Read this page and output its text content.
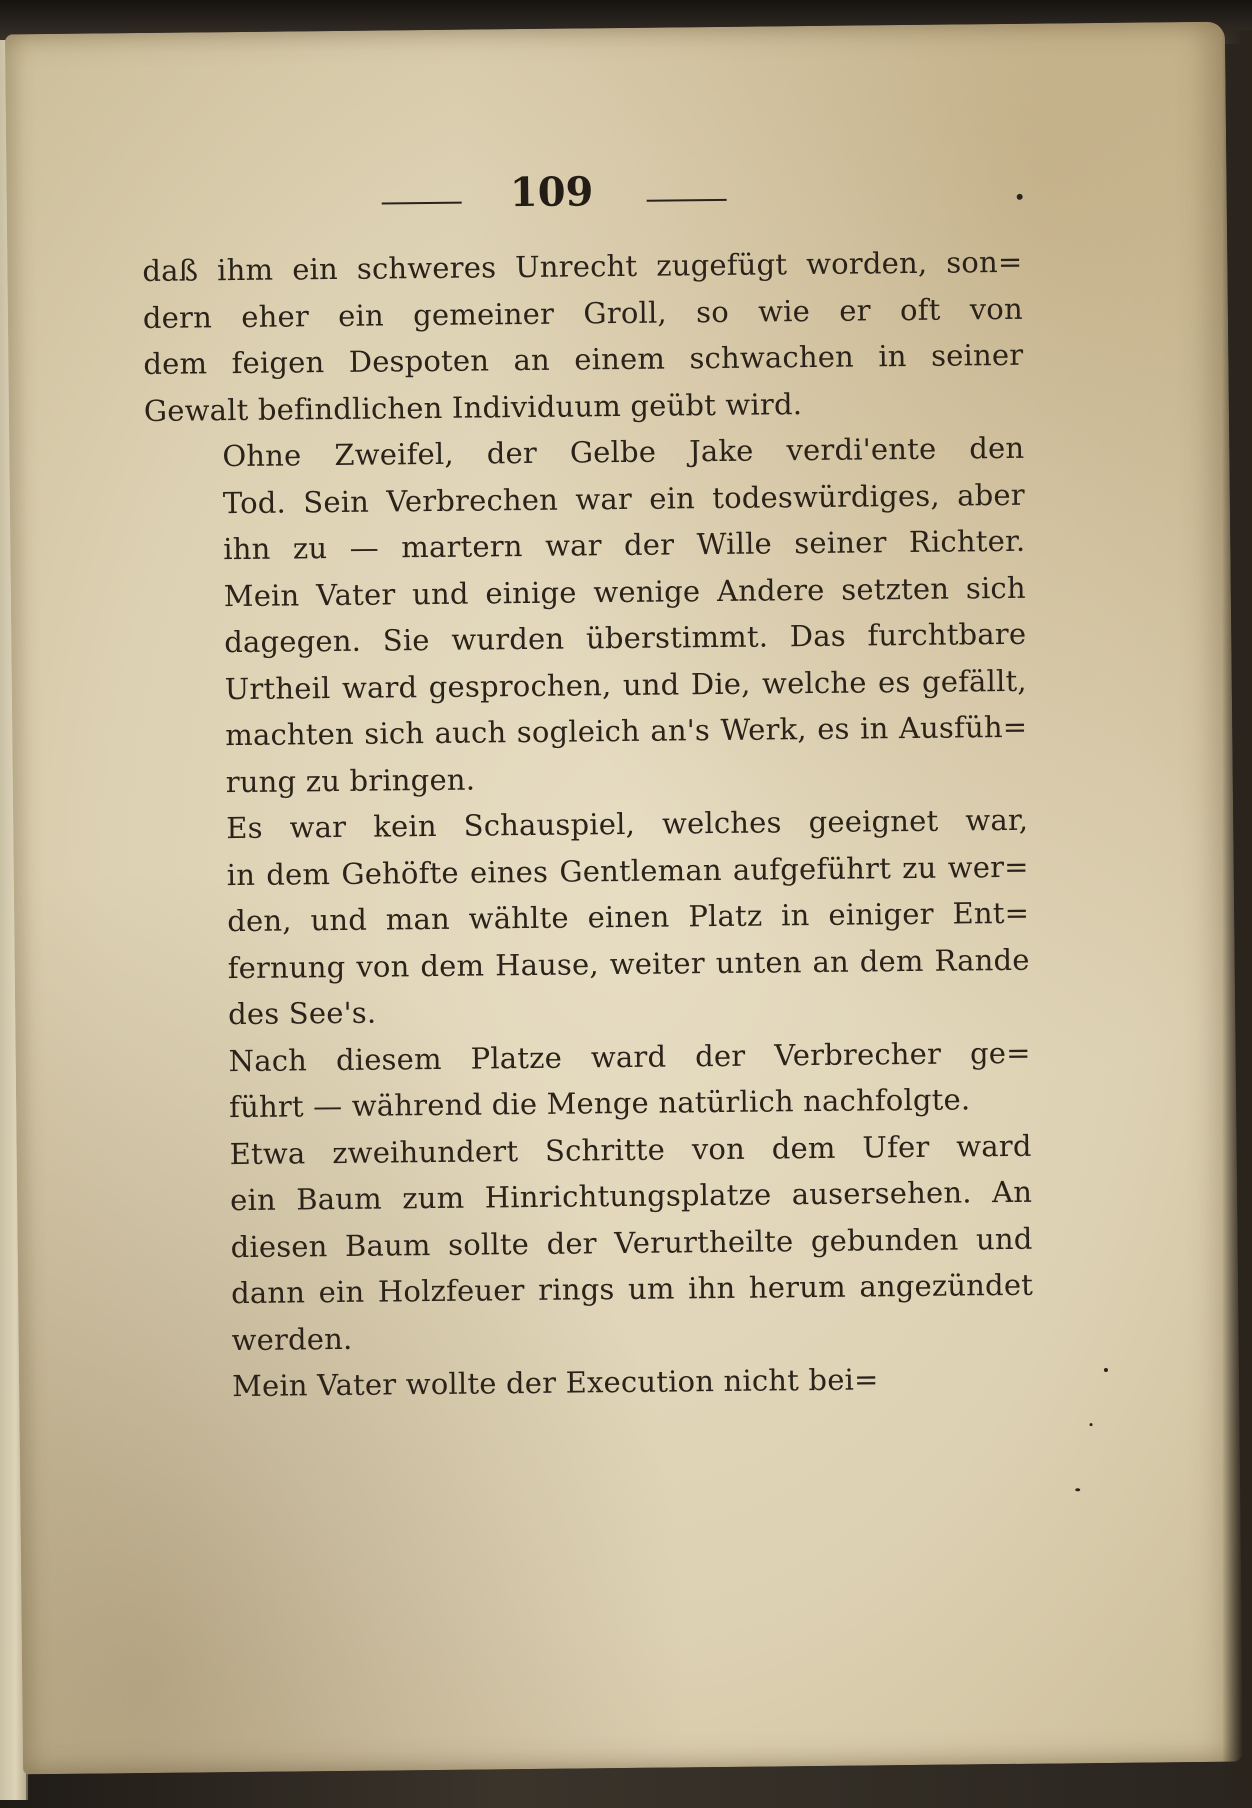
109
daß ihm ein schweres Unrecht zugefügt worden, son=
dern eher ein gemeiner Groll, so wie er oft von
dem feigen Despoten an einem schwachen in seiner
Gewalt befindlichen Individuum geübt wird.
Ohne Zweifel, der Gelbe Jake verdi'ente den
Tod. Sein Verbrechen war ein todeswürdiges, aber
ihn zu — martern war der Wille seiner Richter.
Mein Vater und einige wenige Andere setzten sich
dagegen. Sie wurden überstimmt. Das furchtbare
Urtheil ward gesprochen, und Die, welche es gefällt,
machten sich auch sogleich an's Werk, es in Ausfüh=
rung zu bringen.
Es war kein Schauspiel, welches geeignet war,
in dem Gehöfte eines Gentleman aufgeführt zu wer=
den, und man wählte einen Platz in einiger Ent=
fernung von dem Hause, weiter unten an dem Rande
des See's.
Nach diesem Platze ward der Verbrecher ge=
führt — während die Menge natürlich nachfolgte.
Etwa zweihundert Schritte von dem Ufer ward
ein Baum zum Hinrichtungsplatze ausersehen. An
diesen Baum sollte der Verurtheilte gebunden und
dann ein Holzfeuer rings um ihn herum angezündet
werden.
Mein Vater wollte der Execution nicht bei=
